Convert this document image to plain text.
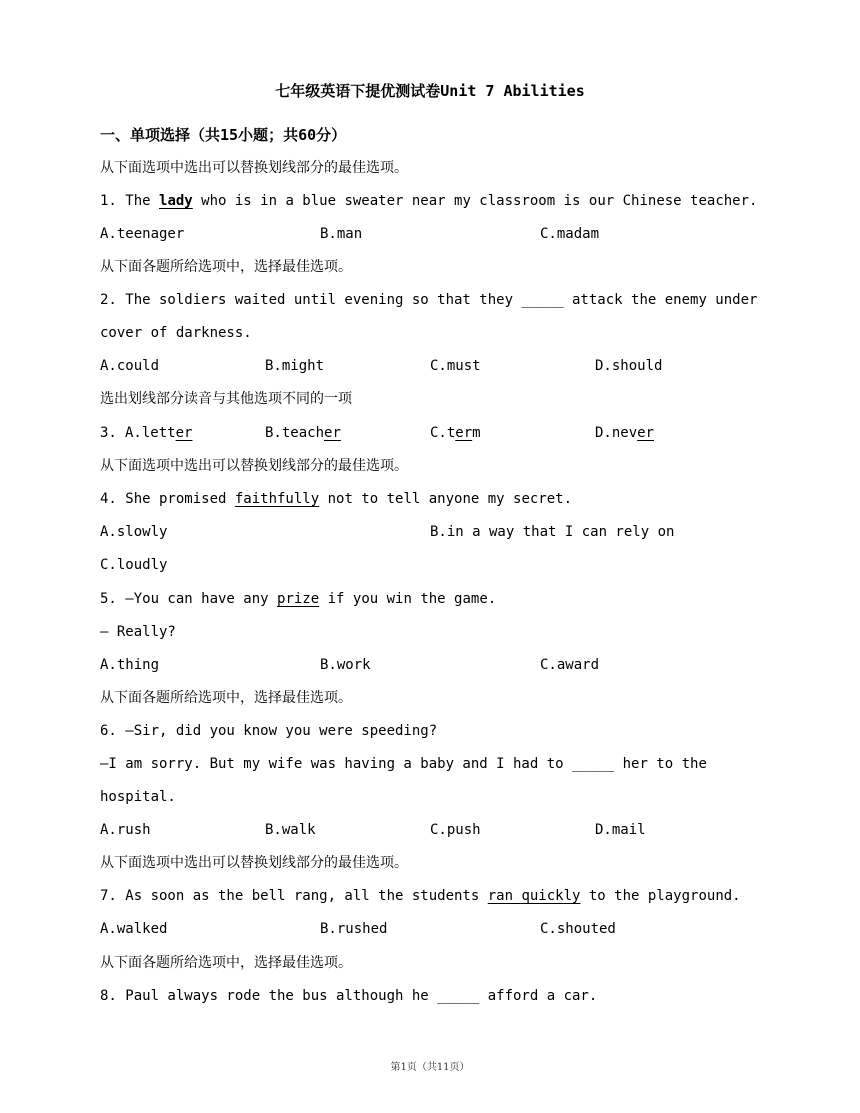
七年级英语下提优测试卷Unit 7 Abilities
一、单项选择（共15小题；共60分）
从下面选项中选出可以替换划线部分的最佳选项。
1. The lady who is in a blue sweater near my classroom is our Chinese teacher.

A.teenager

	B.man

	C.madam

从下面各题所给选项中，选择最佳选项。
2. The soldiers waited until evening so that they _____ attack the enemy under
cover of darkness.

A.could

	B.might

	C.must

	D.should

选出划线部分读音与其他选项不同的一项

3.

A.letter

	B.teacher

	C.term

	D.never

从下面选项中选出可以替换划线部分的最佳选项。
4. She promised faithfully not to tell anyone my secret.

A.slowly

	B.in a way that I can rely on

C.loudly
5. —You can have any prize if you win the game.
— Really?

A.thing

	B.work

	C.award

从下面各题所给选项中，选择最佳选项。
6. —Sir, did you know you were speeding?
—I am sorry. But my wife was having a baby and I had to _____ her to the
hospital.

A.rush

	B.walk

	C.push

	D.mail

从下面选项中选出可以替换划线部分的最佳选项。
7. As soon as the bell rang, all the students ran quickly to the playground.

A.walked

	B.rushed

	C.shouted

从下面各题所给选项中，选择最佳选项。
8. Paul always rode the bus although he _____ afford a car.
第1页（共11页）
